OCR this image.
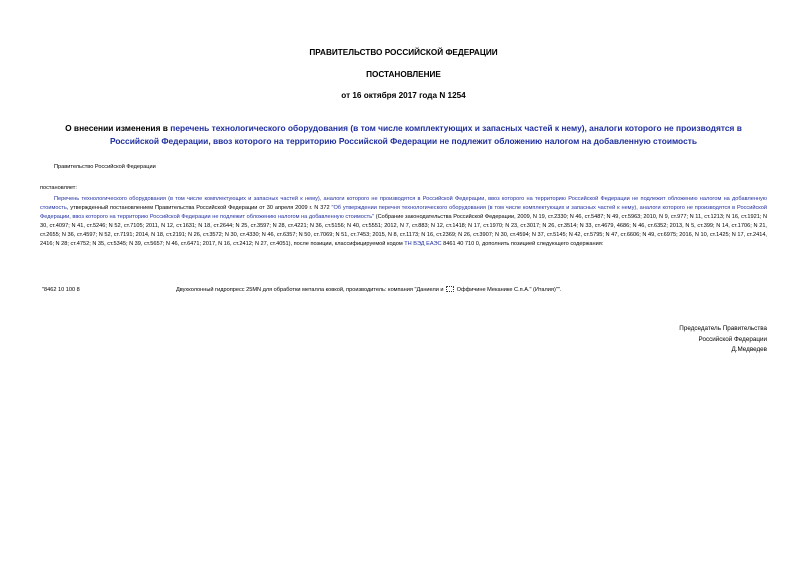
ПРАВИТЕЛЬСТВО РОССИЙСКОЙ ФЕДЕРАЦИИ
ПОСТАНОВЛЕНИЕ
от 16 октября 2017 года N 1254
О внесении изменения в перечень технологического оборудования (в том числе комплектующих и запасных частей к нему), аналоги которого не производятся в Российской Федерации, ввоз которого на территорию Российской Федерации не подлежит обложению налогом на добавленную стоимость
Правительство Российской Федерации
постановляет:
Перечень технологического оборудования (в том числе комплектующих и запасных частей к нему), аналоги которого не производятся в Российской Федерации, ввоз которого на территорию Российской Федерации не подлежит обложению налогом на добавленную стоимость, утвержденный постановлением Правительства Российской Федерации от 30 апреля 2009 г. N 372 "Об утверждении перечня технологического оборудования (в том числе комплектующих и запасных частей к нему), аналоги которого не производятся в Российской Федерации, ввоз которого на территорию Российской Федерации не подлежит обложению налогом на добавленную стоимость" (Собрание законодательства Российской Федерации, 2009, N 19, ст.2330; N 46, ст.5487; N 49, ст.5963; 2010, N 9, ст.977; N 11, ст.1213; N 16, ст.1921; N 30, ст.4097; N 41, ст.5246; N 52, ст.7105; 2011, N 12, ст.1631; N 18, ст.2644; N 25, ст.3597; N 28, ст.4221; N 36, ст.5156; N 40, ст.5551; 2012, N 7, ст.883; N 12, ст.1418; N 17, ст.1970; N 23, ст.3017; N 26, ст.3514; N 33, ст.4679, 4686; N 46, ст.6352; 2013, N 5, ст.399; N 14, ст.1706; N 21, ст.2655; N 36, ст.4597; N 52, ст.7191; 2014, N 18, ст.2191; N 26, ст.3572; N 30, ст.4330; N 46, ст.6357; N 50, ст.7069; N 51, ст.7453; 2015, N 8, ст.1173; N 16, ст.2369; N 26, ст.3907; N 30, ст.4594; N 37, ст.5145; N 42, ст.5795; N 47, ст.6606; N 49, ст.6975; 2016, N 10, ст.1425; N 17, ст.2414, 2416; N 28; ст.4752; N 35, ст.5345; N 39, ст.5657; N 46, ст.6471; 2017, N 16, ст.2412; N 27, ст.4051), после позиции, классифицируемой кодом ТН ВЭД ЕАЭС 8461 40 710 0, дополнить позицией следующего содержания:
"8462 10 100 8	Двухколонный гидропресс 25MN для обработки металла ковкой, производитель: компания "Даниели и  Оффичине Меканике С.п.А." (Италия)"".
Председатель Правительства
Российской Федерации
Д.Медведев
